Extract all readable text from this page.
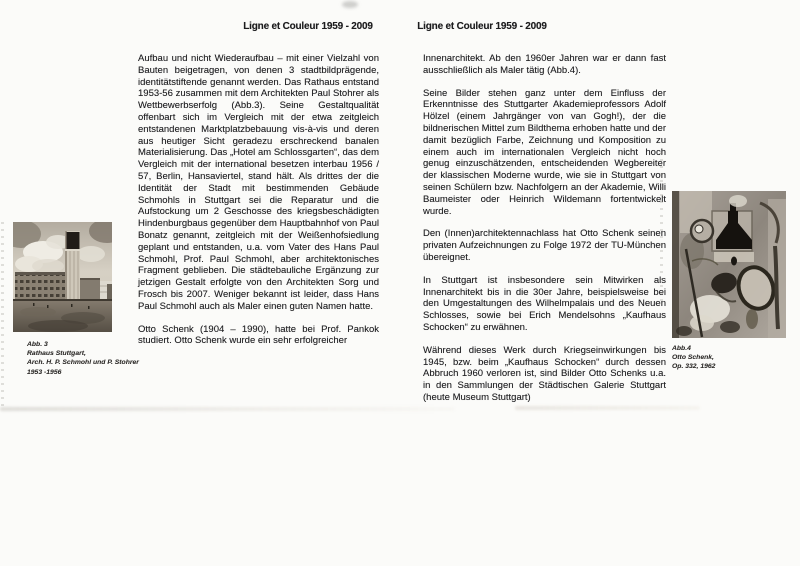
Ligne et Couleur 1959 - 2009	Ligne et Couleur 1959 - 2009

Aufbau und nicht Wiederaufbau – mit einer Vielzahl von Bauten beigetragen, von denen 3 stadtbildprägende, identitätstiftende genannt werden. Das Rathaus entstand 1953-56 zusammen mit dem Architekten Paul Stohrer als Wettbewerbserfolg (Abb.3). Seine Gestaltqualität offenbart sich im Vergleich mit der etwa zeitgleich entstandenen Marktplatzbebauung vis-à-vis und deren aus heutiger Sicht geradezu erschreckend banalen Materialisierung. Das „Hotel am Schlossgarten“, das dem Vergleich mit der international besetzen interbau 1956 / 57, Berlin, Hansaviertel, stand hält. Als drittes der die Identität der Stadt mit bestimmenden Gebäude Schmohls in Stuttgart sei die Reparatur und die Aufstockung um 2 Geschosse des kriegsbeschädigten Hindenburgbaus gegenüber dem Hauptbahnhof von Paul Bonatz genannt, zeitgleich mit der Weißenhofsiedlung geplant und entstanden, u.a. vom Vater des Hans Paul Schmohl, Prof. Paul Schmohl, aber architektonisches Fragment geblieben. Die städtebauliche Ergänzung zur jetzigen Gestalt erfolgte von den Architekten Sorg und Frosch bis 2007. Weniger bekannt ist leider, dass Hans Paul Schmohl auch als Maler einen guten Namen hatte.

Otto Schenk (1904 – 1990), hatte bei Prof. Pankok studiert. Otto Schenk wurde ein sehr erfolgreicher

Innenarchitekt. Ab den 1960er Jahren war er dann fast ausschließlich als Maler tätig (Abb.4).

Seine Bilder stehen ganz unter dem Einfluss der Erkenntnisse des Stuttgarter Akademieprofessors Adolf Hölzel (einem Jahrgänger von van Gogh!), der die bildnerischen Mittel zum Bildthema erhoben hatte und der damit bezüglich Farbe, Zeichnung und Komposition zu einem auch im internationalen Vergleich nicht hoch genug einzuschätzenden, entscheidenden Wegbereiter der klassischen Moderne wurde, wie sie in Stuttgart von seinen Schülern bzw. Nachfolgern an der Akademie, Willi Baumeister oder Heinrich Wildemann fortentwickelt wurde.

Den (Innen)architektennachlass hat Otto Schenk seinen privaten Aufzeichnungen zu Folge 1972 der TU-München übereignet.

In Stuttgart ist insbesondere sein Mitwirken als Innenarchitekt bis in die 30er Jahre, beispielsweise bei den Umgestaltungen des Wilhelmpalais und des Neuen Schlosses, sowie bei Erich Mendelsohns „Kaufhaus Schocken“ zu erwähnen.

Während dieses Werk durch Kriegseinwirkungen bis 1945, bzw. beim „Kaufhaus Schocken“ durch dessen Abbruch 1960 verloren ist, sind Bilder Otto Schenks u.a. in den Sammlungen der Städtischen Galerie Stuttgart (heute Museum Stuttgart)

Abb. 3
Rathaus Stuttgart,
Arch. H. P. Schmohl und P. Stohrer
1953 -1956
Abb.4
Otto Schenk,
Op. 332, 1962
